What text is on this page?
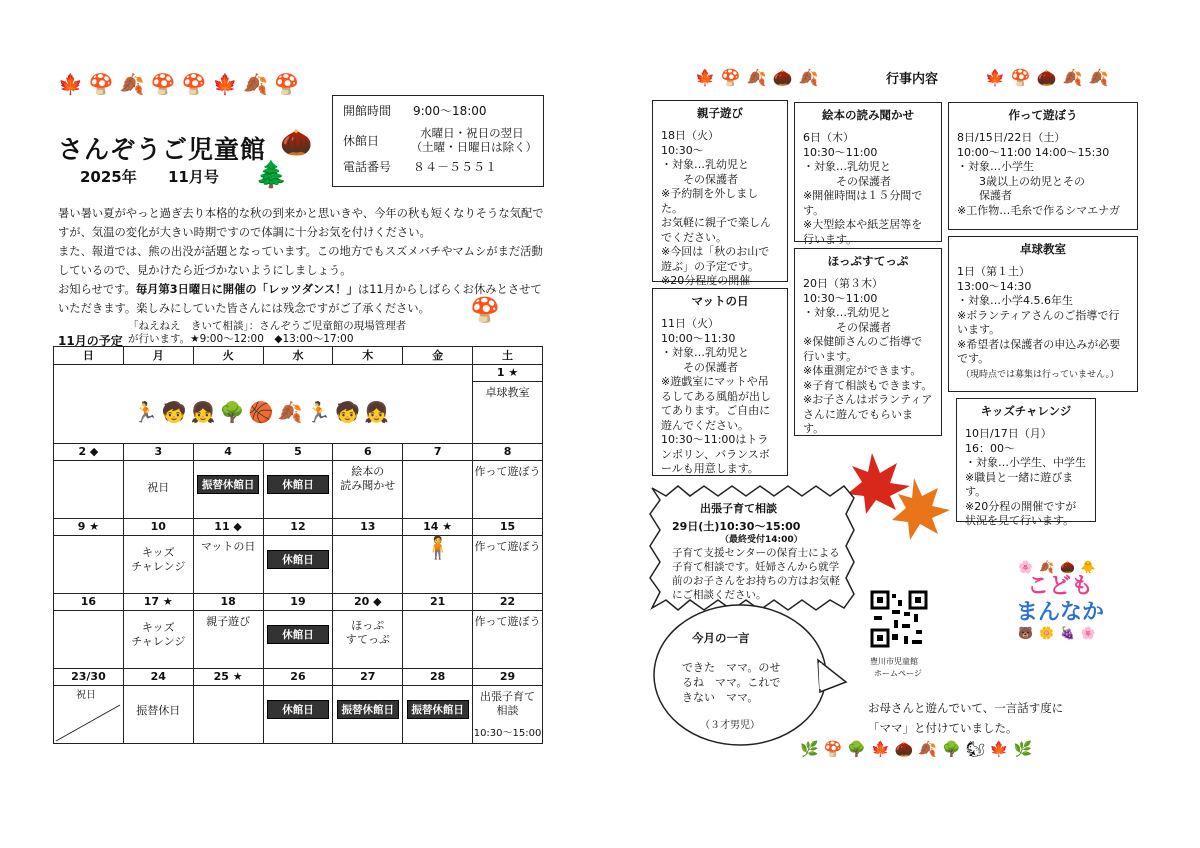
🍁🍄🍂🍄🍄🍁🍂🍄
さんぞうご児童館
2025年 11月号
🌰
🌲
開館時間	9:00～18:00
休館日
水曜日・祝日の翌日
（土曜・日曜日は除く）
電話番号	８４－５５５１
暑い暑い夏がやっと過ぎ去り本格的な秋の到来かと思いきや、今年の秋も短くなりそうな気配ですが、気温の変化が大きい時期ですので体調に十分お気を付けください。
また、報道では、熊の出没が話題となっています。この地方でもスズメバチやマムシがまだ活動しているので、見かけたら近づかないようにしましょう。
お知らせです。毎月第3日曜日に開催の「レッツダンス！」は11月からしばらくお休みとさせていただきます。楽しみにしていた皆さんには残念ですがご了承ください。	🍄
11月の予定
「ねえねえ　きいて相談」：さんぞうご児童館の現場管理者
が行います。★9:00～12:00　◆13:00～17:00
日	月	火	水	木	金	土
						1 ★
🏃🧒👧🌳🏀🍂🏃🧒👧						卓球教室

2 ◆	3	4	5	6	7	8

	祝日	振替休館日	休館日	絵本の
読み聞かせ		作って遊ぼう

9 ★	10	11 ◆	12	13	14 ★	15

	キッズ
チャレンジ	マットの日	休館日		🧍	作って遊ぼう

16	17 ★	18	19	20 ◆	21	22

	キッズ
チャレンジ	親子遊び	休館日	ほっぷ
すてっぷ		作って遊ぼう

23/30	24	25 ★	26	27	28	29
祝日	振替休日		休館日	振替休館日	振替休館日	出張子育て
相談
10:30～15:00
🍁🍄🍂🌰🍂	行事内容	🍁🍄🌰🍂🍂
親子遊び
18日（火）
10:30～
・対象…乳幼児と
　　その保護者
※予約制を外しました。
お気軽に親子で楽しんでください。
※今回は「秋のお山で遊ぶ」の予定です。
※20分程度の開催
絵本の読み聞かせ
6日（木）
10:30～11:00
・対象…乳幼児と
　　　その保護者
※開催時間は１５分間です。
※大型絵本や紙芝居等を行います。
作って遊ぼう
8日/15日/22日（土）
10:00～11:00 14:00～15:30
・対象…小学生
　　3歳以上の幼児とその
　　保護者
※工作物…毛糸で作るシマエナガ
卓球教室
1日（第１土）
13:00～14:30
・対象…小学4.5.6年生
※ボランティアさんのご指導で行います。
※希望者は保護者の申込みが必要です。
（現時点では募集は行っていません。）
マットの日
11日（火）
10:00～11:30
・対象…乳幼児と
　　その保護者
※遊戯室にマットや吊るしてある風船が出してあります。ご自由に遊んでください。10:30～11:00はトランポリン、バランスボールも用意します。
ほっぷすてっぷ
20日（第３木）
10:30～11:00
・対象…乳幼児と
　　　その保護者
※保健師さんのご指導で行います。
※体重測定ができます。
※子育て相談もできます。
※お子さんはボランティアさんに遊んでもらいます。
キッズチャレンジ
10日/17日（月）
16：00～
・対象…小学生、中学生
※職員と一緒に遊びます。
※20分程の開催ですが
状況を見て行います。
出張子育て相談
29日(土)10:30～15:00
（最終受付14:00）
子育て支援センターの保育士による子育て相談です。妊婦さんから就学前のお子さんをお持ちの方はお気軽にご相談ください。
今月の一言
できた　ママ。のせるね　ママ。これできない　ママ。
（３才男児）
豊川市児童館
ホームページ
🌸🍂🌰🐥
こども
まんなか
🐻🌼🍇🌸
お母さんと遊んでいて、一言話す度に
「ママ」と付けていました。
🌿🍄🌳🍁🌰🍂🌳🐿🍁🌿
